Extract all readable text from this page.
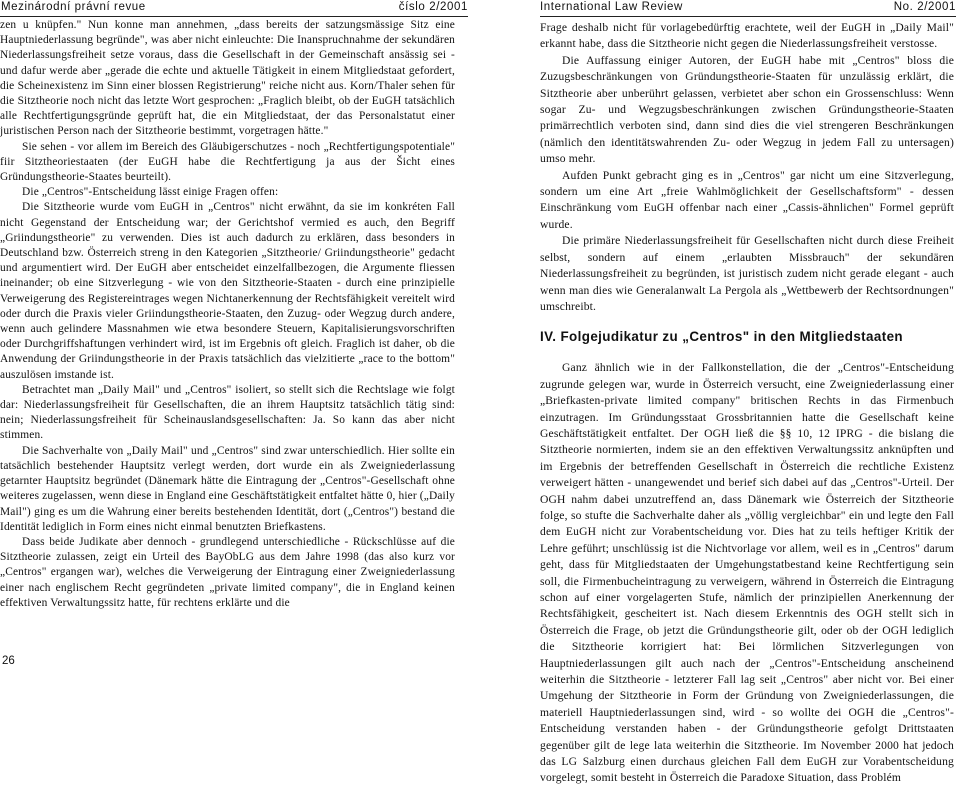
Mezinárodní právní revue	číslo 2/2001

zen u knüpfen." Nun konne man annehmen, „dass bereits der satzungsmässige Sitz eine Hauptniederlassung begründe", was aber nicht einleuchte: Die Inanspruchnahme der sekundären Niederlassungsfreiheit setze voraus, dass die Gesellschaft in der Gemeinschaft ansässig sei - und dafur werde aber „gerade die echte und aktuelle Tätigkeit in einem Mitgliedstaat gefordert, die Scheinexistenz im Sinn einer blossen Registrierung" reiche nicht aus. Korn/Thaler sehen für die Sitztheorie noch nicht das letzte Wort gesprochen: „Fraglich bleibt, ob der EuGH tatsächlich alle Rechtfertigungsgründe geprüft hat, die ein Mitgliedstaat, der das Personalstatut einer juristischen Person nach der Sitztheorie bestimmt, vorgetragen hätte."

Sie sehen - vor allem im Bereich des Gläubigerschutzes - noch „Rechtfertigungspotentiale" fiir Sitztheoriestaaten (der EuGH habe die Rechtfertigung ja aus der Šicht eines Gründungstheorie-Staates beurteilt).

Die „Centros"-Entscheidung lässt einige Fragen offen:

Die Sitztheorie wurde vom EuGH in „Centros" nicht erwähnt, da sie im konkréten Fall nicht Gegenstand der Entscheidung war; der Gerichtshof vermied es auch, den Begriff „Griindungstheorie" zu verwenden. Dies ist auch dadurch zu erklären, dass besonders in Deutschland bzw. Österreich streng in den Kategorien „Sitztheorie/ Griindungstheorie" gedacht und argumentiert wird. Der EuGH aber entscheidet einzelfallbezogen, die Argumente fliessen ineinander; ob eine Sitzverlegung - wie von den Sitztheorie-Staaten - durch eine prinzipielle Verweigerung des Registereintrages wegen Nichtanerkennung der Rechtsfähigkeit vereitelt wird oder durch die Praxis vieler Griindungstheorie-Staaten, den Zuzug- oder Wegzug durch andere, wenn auch gelindere Massnahmen wie etwa besondere Steuern, Kapitalisierungsvorschriften oder Durchgriffshaftungen verhindert wird, ist im Ergebnis oft gleich. Fraglich ist daher, ob die Anwendung der Griindungstheorie in der Praxis tatsächlich das vielzitierte „race to the bottom" auszulösen imstande ist.

Betrachtet man „Daily Mail" und „Centros" isoliert, so stellt sich die Rechtslage wie folgt dar: Niederlassungsfreiheit für Gesellschaften, die an ihrem Hauptsitz tatsächlich tätig sind: nein; Niederlassungsfreiheit für Scheinauslandsgesellschaften: Ja. So kann das aber nicht stimmen.

Die Sachverhalte von „Daily Mail" und „Centros" sind zwar unterschiedlich. Hier sollte ein tatsächlich bestehender Hauptsitz verlegt werden, dort wurde ein als Zweigniederlassung getarnter Hauptsitz begründet (Dänemark hätte die Eintragung der „Centros"-Gesellschaft ohne weiteres zugelassen, wenn diese in England eine Geschäftstätigkeit entfaltet hätte 0, hier („Daily Mail") ging es um die Wahrung einer bereits bestehenden Identität, dort („Centros") bestand die Identität lediglich in Form eines nicht einmal benutzten Briefkastens.

Dass beide Judikate aber dennoch - grundlegend unterschiedliche - Rückschlüsse auf die Sitztheorie zulassen, zeigt ein Urteil des BayObLG aus dem Jahre 1998 (das also kurz vor „Centros" ergangen war), welches die Verweigerung der Eintragung einer Zweigniederlassung einer nach englischem Recht gegründeten „private limited company", die in England keinen effektiven Verwaltungssitz hatte, für rechtens erklärte und die

26
International Law Review	No. 2/2001

Frage deshalb nicht für vorlagebedürftig erachtete, weil der EuGH in „Daily Mail" erkannt habe, dass die Sitztheorie nicht gegen die Niederlassungsfreiheit verstosse.

Die Auffassung einiger Autoren, der EuGH habe mit „Centros" bloss die Zuzugsbeschränkungen von Gründungstheorie-Staaten für unzulässig erklärt, die Sitztheorie aber unberührt gelassen, verbietet aber schon ein Grossenschluss: Wenn sogar Zu- und Wegzugsbeschränkungen zwischen Gründungstheorie-Staaten primärrechtlich verboten sind, dann sind dies die viel strengeren Beschränkungen (nämlich den identitätswahrenden Zu- oder Wegzug in jedem Fall zu untersagen) umso mehr.

Aufden Punkt gebracht ging es in „Centros" gar nicht um eine Sitzverlegung, sondern um eine Art „freie Wahlmöglichkeit der Gesellschaftsform" - dessen Einschränkung vom EuGH offenbar nach einer „Cassis-ähnlichen" Formel geprüft wurde.

Die primäre Niederlassungsfreiheit für Gesellschaften nicht durch diese Freiheit selbst, sondern auf einem „erlaubten Missbrauch" der sekundären Niederlassungsfreiheit zu begründen, ist juristisch zudem nicht gerade elegant - auch wenn man dies wie Generalanwalt La Pergola als „Wettbewerb der Rechtsordnungen" umschreibt.

IV. Folgejudikatur zu „Centros" in den Mitgliedstaaten

Ganz ähnlich wie in der Fallkonstellation, die der „Centros"-Entscheidung zugrunde gelegen war, wurde in Österreich versucht, eine Zweigniederlassung einer „Briefkasten-private limited company" britischen Rechts in das Firmenbuch einzutragen. Im Gründungsstaat Grossbritannien hatte die Gesellschaft keine Geschäftstätigkeit entfaltet. Der OGH ließ die §§ 10, 12 IPRG - die bislang die Sitztheorie normierten, indem sie an den effektiven Verwaltungssitz anknüpften und im Ergebnis der betreffenden Gesellschaft in Österreich die rechtliche Existenz verweigert hätten - unangewendet und berief sich dabei auf das „Centros"-Urteil. Der OGH nahm dabei unzutreffend an, dass Dänemark wie Österreich der Sitztheorie folge, so stufte die Sachverhalte daher als „völlig vergleichbar" ein und legte den Fall dem EuGH nicht zur Vorabentscheidung vor. Dies hat zu teils heftiger Kritik der Lehre geführt; unschlüssig ist die Nichtvorlage vor allem, weil es in „Centros" darum geht, dass für Mitgliedstaaten der Umgehungstatbestand keine Rechtfertigung sein soll, die Firmenbucheintragung zu verweigern, während in Österreich die Eintragung schon auf einer vorgelagerten Stufe, nämlich der prinzipiellen Anerkennung der Rechtsfähigkeit, gescheitert ist. Nach diesem Erkenntnis des OGH stellt sich in Österreich die Frage, ob jetzt die Gründungstheorie gilt, oder ob der OGH lediglich die Sitztheorie korrigiert hat: Bei lörmlichen Sitzverlegungen von Hauptniederlassungen gilt auch nach der „Centros"-Entscheidung anscheinend weiterhin die Sitztheorie - letzterer Fall lag seit „Centros" aber nicht vor. Bei einer Umgehung der Sitztheorie in Form der Gründung von Zweigniederlassungen, die materiell Hauptniederlassungen sind, wird - so wollte dei OGH die „Centros"-Entscheidung verstanden haben - der Gründungstheorie gefolgt Drittstaaten gegenüber gilt de lege lata weiterhin die Sitztheorie. Im November 2000 hat jedoch das LG Salzburg einen durchaus gleichen Fall dem EuGH zur Vorabentscheidung vorgelegt, somit besteht in Österreich die Paradoxe Situation, dass Problém
